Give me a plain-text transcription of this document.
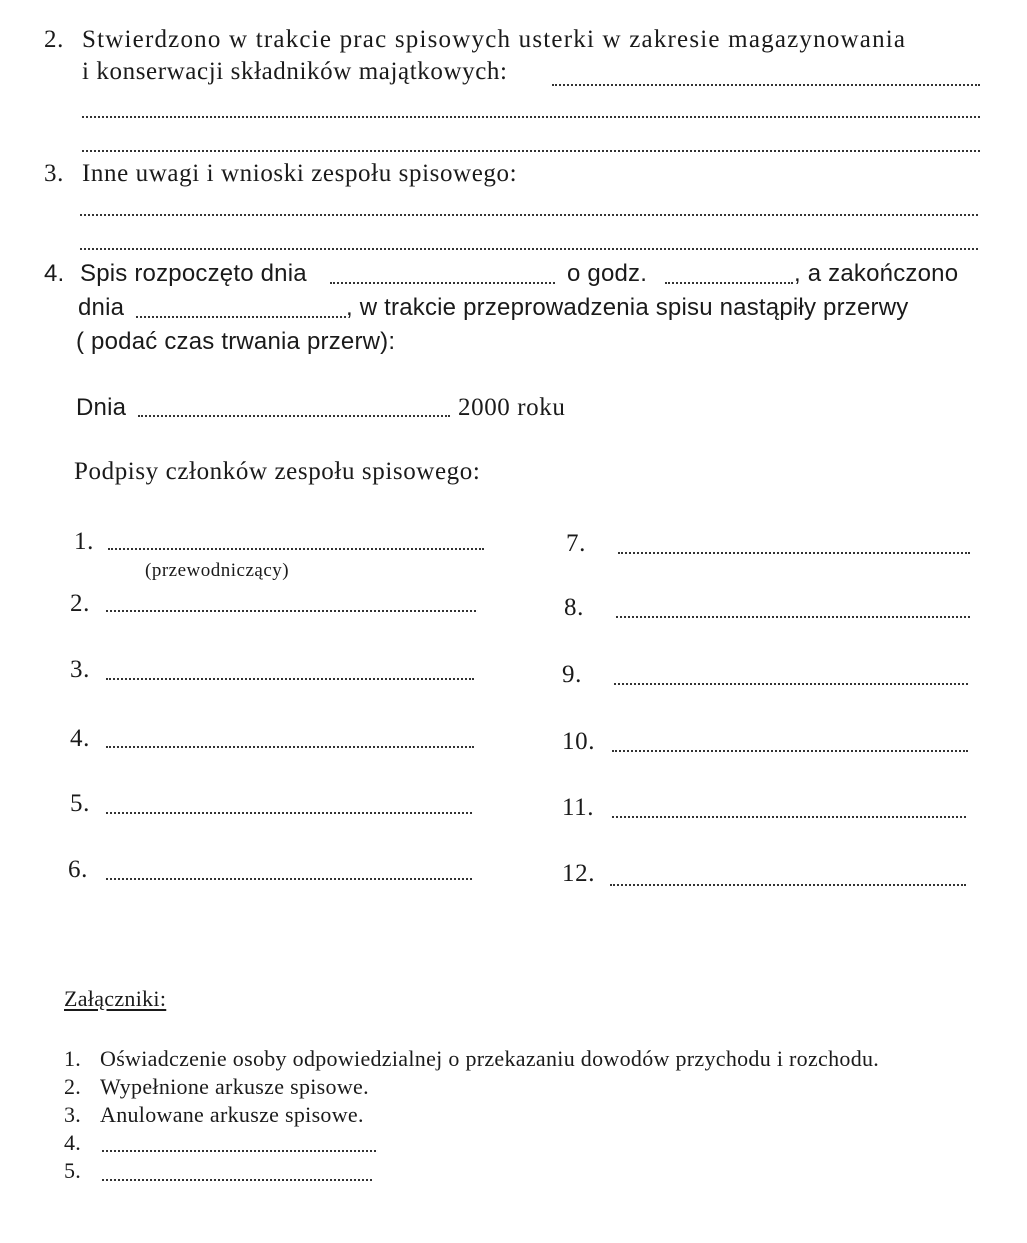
2. Stwierdzono w trakcie prac spisowych usterki w zakresie magazynowania
i konserwacji składników majątkowych:
3. Inne uwagi i wnioski zespołu spisowego:
4. Spis rozpoczęto dnia	o godz.	, a zakończono
dnia	, w trakcie przeprowadzenia spisu nastąpiły przerwy
( podać czas trwania przerw):
Dnia	2000 roku
Podpisy członków zespołu spisowego:
1.
(przewodniczący)
2.
3.
4.
5.
6.
7.
8.
9.
10.
11.
12.
Załączniki:
1. Oświadczenie osoby odpowiedzialnej o przekazaniu dowodów przychodu i rozchodu.
2. Wypełnione arkusze spisowe.
3. Anulowane arkusze spisowe.
4.
5.
